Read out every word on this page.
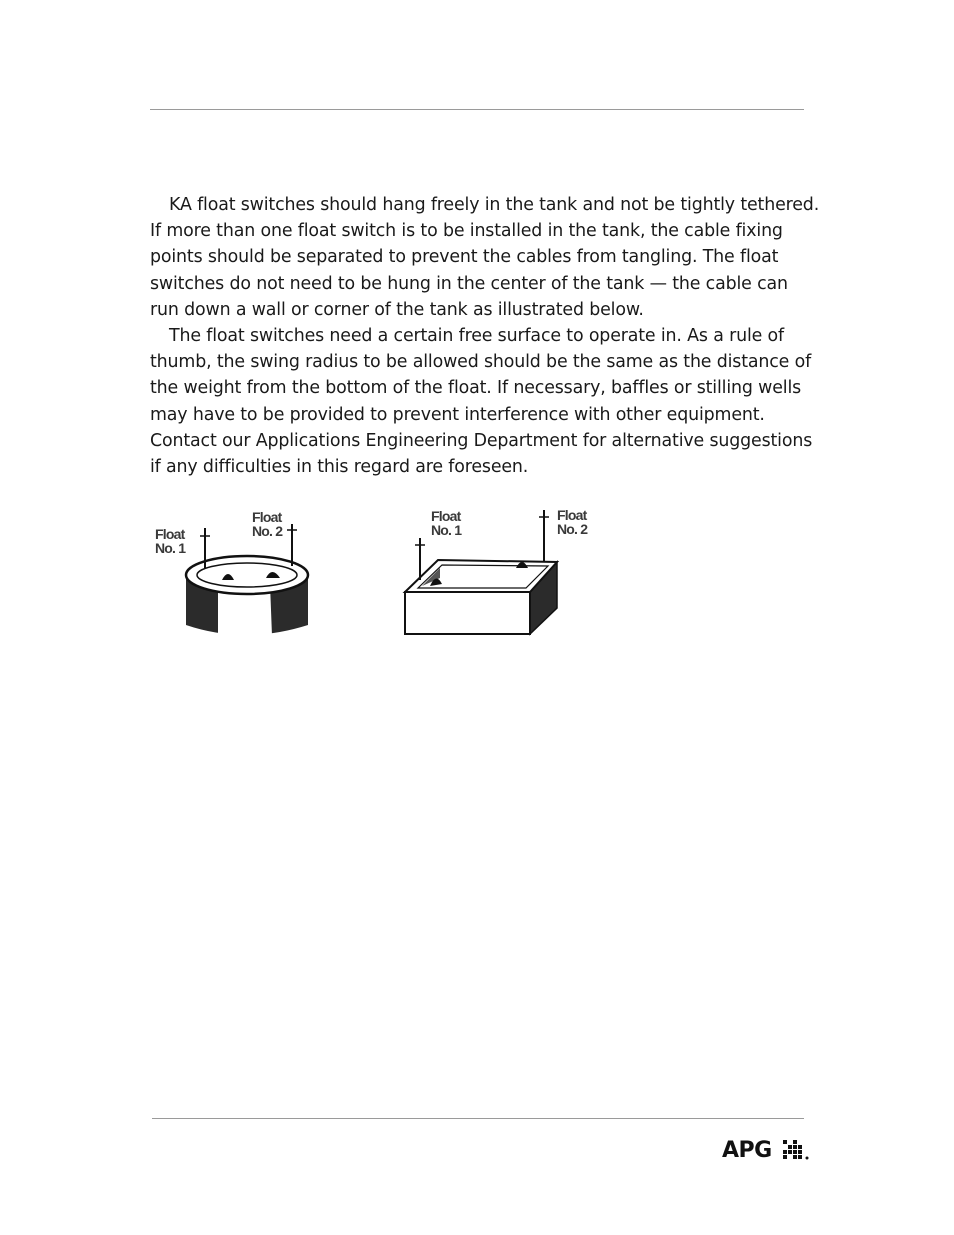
KA float switches should hang freely in the tank and not be tightly tethered.

If more than one float switch is to be installed in the tank, the cable fixing

points should be separated to prevent the cables from tangling. The float

switches do not need to be hung in the center of the tank — the cable can

run down a wall or corner of the tank as illustrated below.

The float switches need a certain free surface to operate in. As a rule of

thumb, the swing radius to be allowed should be the same as the distance of

the weight from the bottom of the float. If necessary, baffles or stilling wells

may have to be provided to prevent interference with other equipment.

Contact our Applications Engineering Department for alternative suggestions

if any difficulties in this regard are foreseen.

Float
No. 1
Float
No. 2
Float
No. 1
Float
No. 2
APG
